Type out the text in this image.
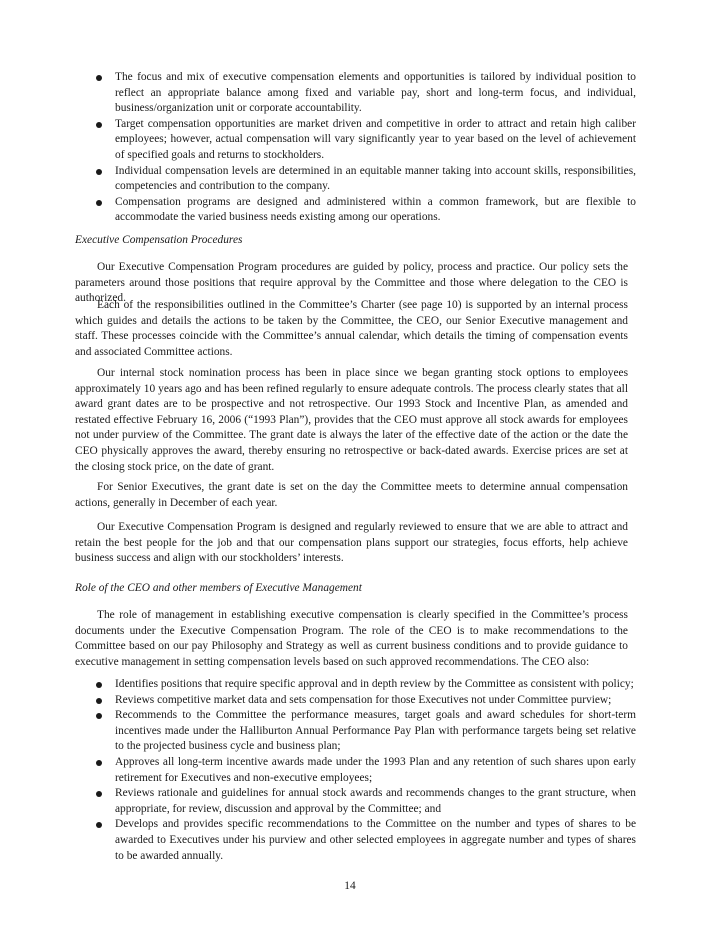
The focus and mix of executive compensation elements and opportunities is tailored by individual position to reflect an appropriate balance among fixed and variable pay, short and long-term focus, and individual, business/organization unit or corporate accountability.
Target compensation opportunities are market driven and competitive in order to attract and retain high caliber employees; however, actual compensation will vary significantly year to year based on the level of achievement of specified goals and returns to stockholders.
Individual compensation levels are determined in an equitable manner taking into account skills, responsibilities, competencies and contribution to the company.
Compensation programs are designed and administered within a common framework, but are flexible to accommodate the varied business needs existing among our operations.
Executive Compensation Procedures

Our Executive Compensation Program procedures are guided by policy, process and practice. Our policy sets the parameters around those positions that require approval by the Committee and those where delegation to the CEO is authorized.

Each of the responsibilities outlined in the Committee’s Charter (see page 10) is supported by an internal process which guides and details the actions to be taken by the Committee, the CEO, our Senior Executive management and staff. These processes coincide with the Committee’s annual calendar, which details the timing of compensation events and associated Committee actions.

Our internal stock nomination process has been in place since we began granting stock options to employees approximately 10 years ago and has been refined regularly to ensure adequate controls. The process clearly states that all award grant dates are to be prospective and not retrospective. Our 1993 Stock and Incentive Plan, as amended and restated effective February 16, 2006 (“1993 Plan”), provides that the CEO must approve all stock awards for employees not under purview of the Committee. The grant date is always the later of the effective date of the action or the date the CEO physically approves the award, thereby ensuring no retrospective or back-dated awards. Exercise prices are set at the closing stock price, on the date of grant.

For Senior Executives, the grant date is set on the day the Committee meets to determine annual compensation actions, generally in December of each year.

Our Executive Compensation Program is designed and regularly reviewed to ensure that we are able to attract and retain the best people for the job and that our compensation plans support our strategies, focus efforts, help achieve business success and align with our stockholders’ interests.

Role of the CEO and other members of Executive Management

The role of management in establishing executive compensation is clearly specified in the Committee’s process documents under the Executive Compensation Program. The role of the CEO is to make recommendations to the Committee based on our pay Philosophy and Strategy as well as current business conditions and to provide guidance to executive management in setting compensation levels based on such approved recommendations. The CEO also:

Identifies positions that require specific approval and in depth review by the Committee as consistent with policy;
Reviews competitive market data and sets compensation for those Executives not under Committee purview;
Recommends to the Committee the performance measures, target goals and award schedules for short-term incentives made under the Halliburton Annual Performance Pay Plan with performance targets being set relative to the projected business cycle and business plan;
Approves all long-term incentive awards made under the 1993 Plan and any retention of such shares upon early retirement for Executives and non-executive employees;
Reviews rationale and guidelines for annual stock awards and recommends changes to the grant structure, when appropriate, for review, discussion and approval by the Committee; and
Develops and provides specific recommendations to the Committee on the number and types of shares to be awarded to Executives under his purview and other selected employees in aggregate number and types of shares to be awarded annually.
14
